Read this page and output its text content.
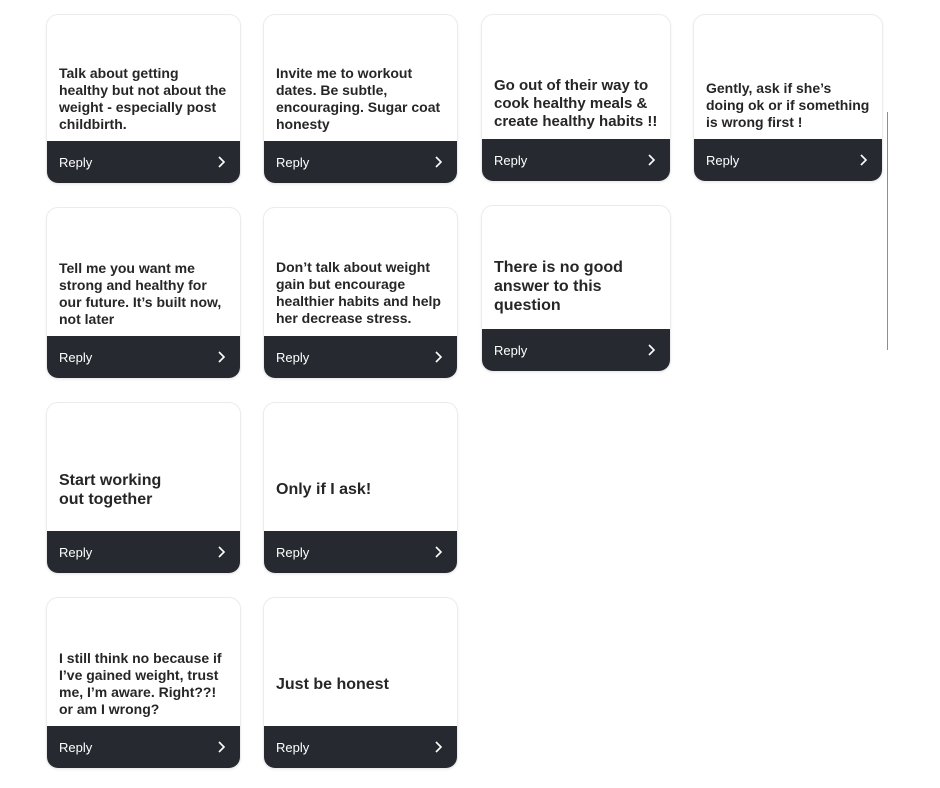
Talk about getting healthy but not about the weight - especially post childbirth.
Reply
Invite me to workout dates. Be subtle, encouraging. Sugar coat honesty
Reply
Go out of their way to cook healthy meals & create healthy habits !!
Reply
Gently, ask if she’s doing ok or if something is wrong first !
Reply
Tell me you want me strong and healthy for our future. It’s built now, not later
Reply
Don’t talk about weight gain but encourage healthier habits and help her decrease stress.
Reply
There is no good answer to this question
Reply
Start working out together
Reply
Only if I ask!
Reply
I still think no because if I’ve gained weight, trust me, I’m aware. Right??! or am I wrong?
Reply
Just be honest
Reply
